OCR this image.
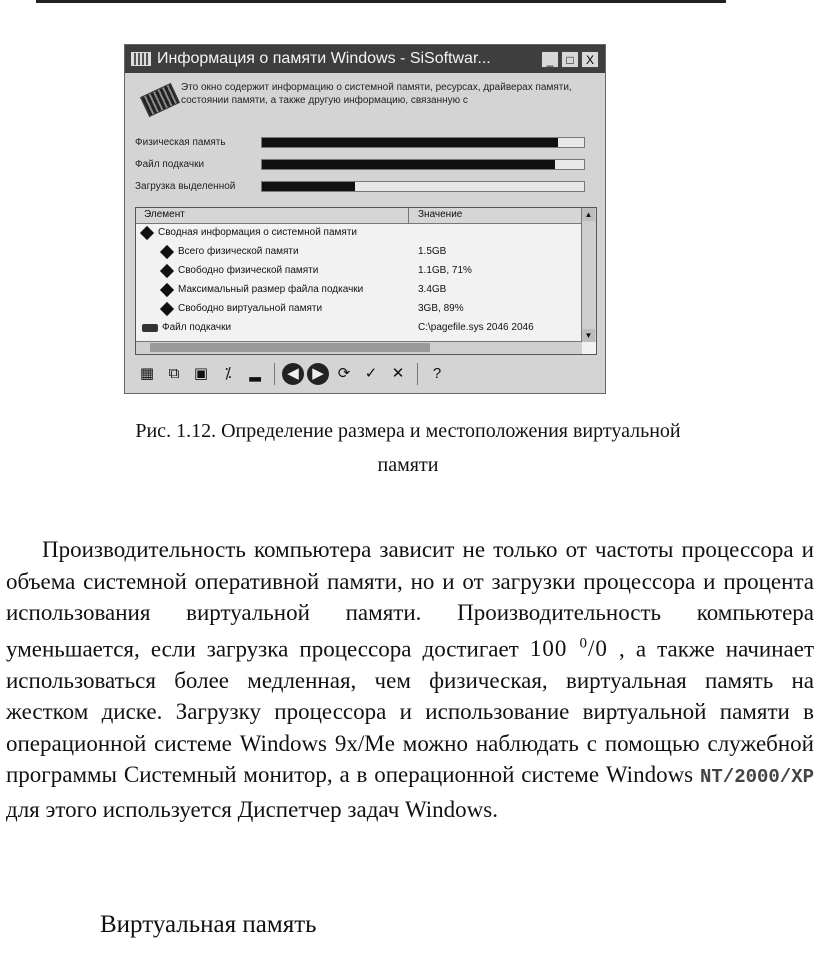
Информация о памяти Windows - SiSoftwar...	_	□	X
Это окно содержит информацию о системной памяти, ресурсах, драйверах памяти, состоянии памяти, а также другую информацию, связанную с
Физическая память
Файл подкачки
Загрузка выделенной
Элемент	Значение
Сводная информация о системной памяти
Всего физической памяти	1.5GB
Свободно физической памяти	1.1GB, 71%
Максимальный размер файла подкачки	3.4GB
Свободно виртуальной памяти	3GB, 89%
Файл подкачки	C:\pagefile.sys 2046 2046
▲
▼
▦ ⧉ ▣	⁒	▂	◀ ▶ ⟳ ✓ ✕	?
Рис. 1.12. Определение размера и местоположения виртуальной
памяти
Производительность компьютера зависит не только от частоты процессора и объема системной оперативной памяти, но и от загрузки процессора и процента использования виртуальной памяти. Производительность компьютера уменьшается, если загрузка процессора достигает 100 $^0$/0 , а также начинает использоваться более медленная, чем физическая, виртуальная память на жестком диске. Загрузку процессора и использование виртуальной памяти в операционной системе Windows 9x/Me можно наблюдать с помощью служебной программы Системный монитор, а в операционной системе Windows NT/2000/XP для этого используется Диспетчер задач Windows.
Виртуальная память
